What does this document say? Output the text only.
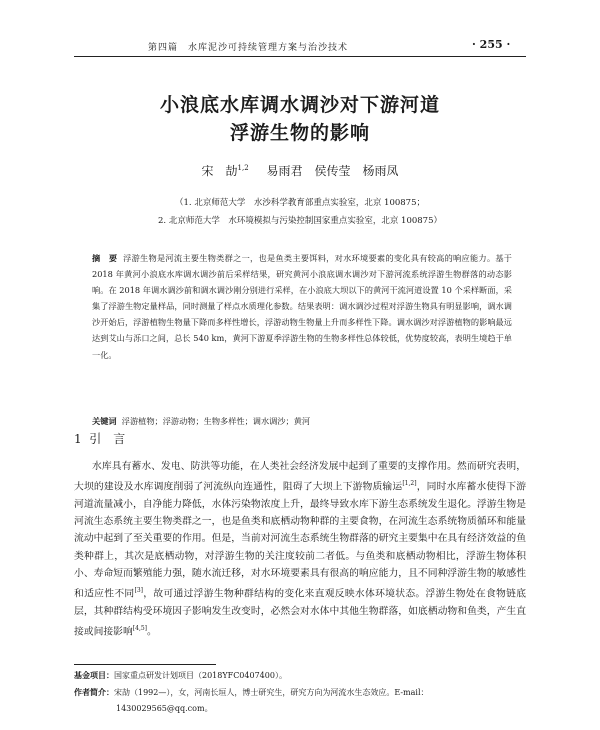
第四篇　水库泥沙可持续管理方案与治沙技术	· 255 ·
小浪底水库调水调沙对下游河道
浮游生物的影响
宋　劼$^{1,2}$ 易雨君　侯传莹　杨雨凤
（1. 北京师范大学　水沙科学教育部重点实验室，北京 100875；
2. 北京师范大学　水环境模拟与污染控制国家重点实验室，北京 100875）
摘　要 浮游生物是河流主要生物类群之一，也是鱼类主要饵料，对水环境要素的变化具有较高的响应能力。基于 2018 年黄河小浪底水库调水调沙前后采样结果，研究黄河小浪底调水调沙对下游河流系统浮游生物群落的动态影响。在 2018 年调水调沙前和调水调沙刚分别进行采样，在小浪底大坝以下的黄河干流河道设置 10 个采样断面，采集了浮游生物定量样品，同时测量了样点水质理化参数。结果表明：调水调沙过程对浮游生物具有明显影响，调水调沙开始后，浮游植物生物量下降而多样性增长，浮游动物生物量上升而多样性下降。调水调沙对浮游植物的影响最远达到艾山与泺口之间，总长 540 km，黄河下游夏季浮游生物的生物多样性总体较低，优势度较高，表明生境趋于单一化。
关键词 浮游植物；浮游动物；生物多样性；调水调沙；黄河
1 引　言
水库具有蓄水、发电、防洪等功能，在人类社会经济发展中起到了重要的支撑作用。然而研究表明，大坝的建设及水库调度削弱了河流纵向连通性，阻碍了大坝上下游物质输运[1,2]，同时水库蓄水使得下游河道流量减小，自净能力降低，水体污染物浓度上升，最终导致水库下游生态系统发生退化。浮游生物是河流生态系统主要生物类群之一，也是鱼类和底栖动物种群的主要食物，在河流生态系统物质循环和能量流动中起到了至关重要的作用。但是，当前对河流生态系统生物群落的研究主要集中在具有经济效益的鱼类种群上，其次是底栖动物，对浮游生物的关注度较前二者低。与鱼类和底栖动物相比，浮游生物体积小、寿命短而繁殖能力强，随水流迁移，对水环境要素具有很高的响应能力，且不同种浮游生物的敏感性和适应性不同[3]，故可通过浮游生物种群结构的变化来直观反映水体环境状态。浮游生物处在食物链底层，其种群结构受环境因子影响发生改变时，必然会对水体中其他生物群落，如底栖动物和鱼类，产生直接或间接影响[4,5]。
基金项目：国家重点研发计划项目（2018YFC0407400）。
作者简介：宋劼（1992—），女，河南长垣人，博士研究生，研究方向为河流水生态效应。E-mail：
1430029565@qq.com。
